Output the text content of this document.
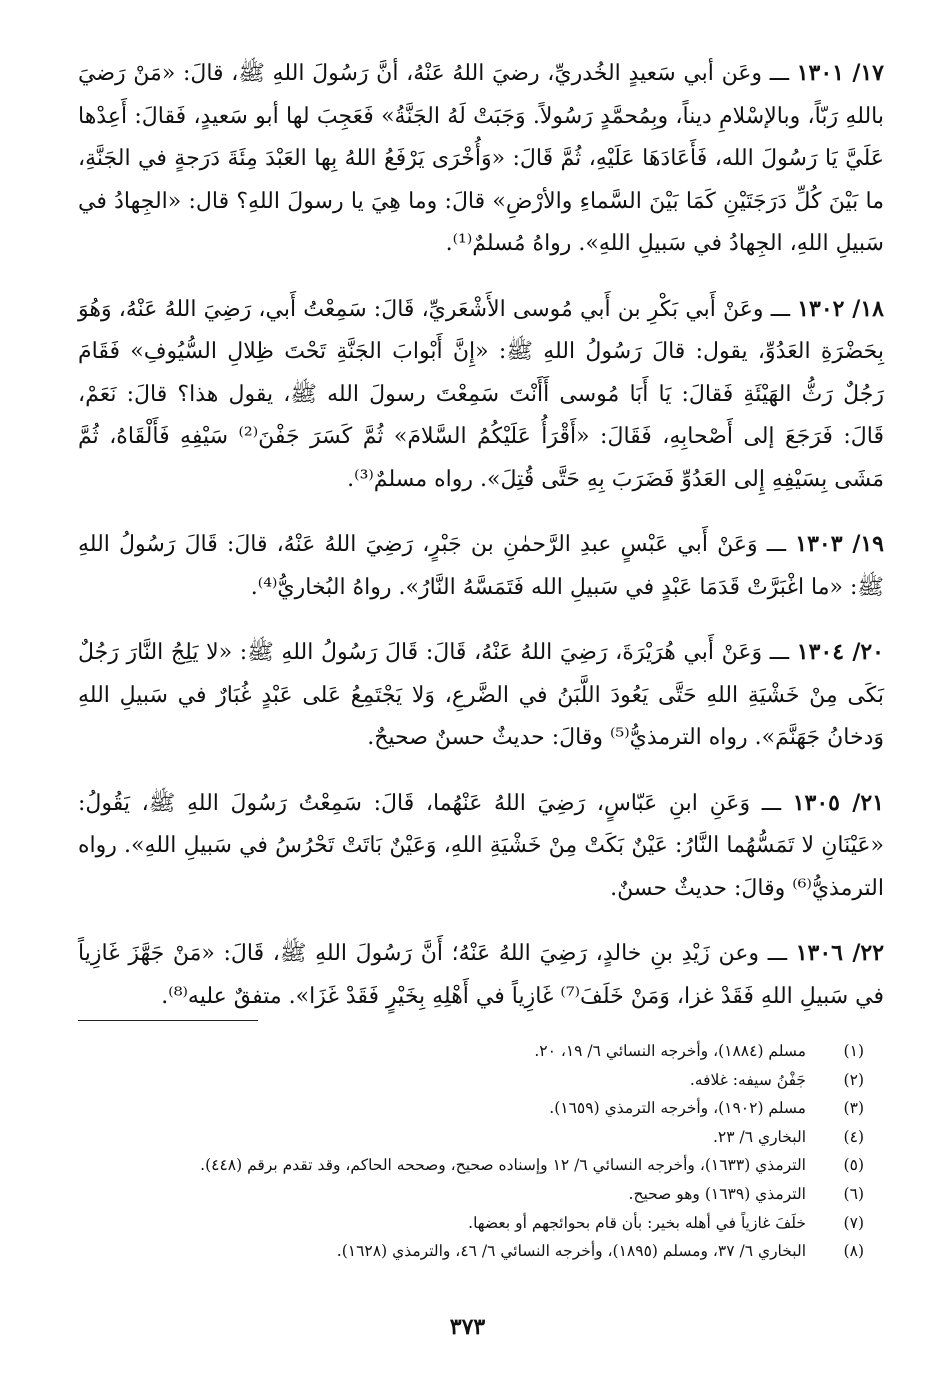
١٧/ ١٣٠١ ـــ وعَن أبي سَعيدٍ الخُدريِّ، رضيَ اللهُ عَنْهُ، أنَّ رَسُولَ اللهِ ﷺ، قالَ: «مَنْ رَضيَ باللهِ رَبّاً، وبالإسْلامِ ديناً، وبِمُحمَّدٍ رَسُولاً. وَجَبَتْ لَهُ الجَنَّةُ» فَعَجِبَ لها أبو سَعيدٍ، فَقالَ: أَعِدْها عَلَيَّ يَا رَسُولَ الله، فَأَعَادَهَا عَلَيْهِ، ثُمَّ قَالَ: «وَأُخْرَى يَرْفَعُ اللهُ بِها العَبْدَ مِئَةَ دَرَجةٍ في الجَنَّةِ، ما بَيْنَ كُلِّ دَرَجَتَيْنِ كَمَا بَيْنَ السَّماءِ والأرْضِ» قالَ: وما هِيَ يا رسولَ اللهِ؟ قال: «الجِهادُ في سَبيلِ اللهِ، الجِهادُ في سَبيلِ اللهِ». رواهُ مُسلمٌ⁽¹⁾.

١٨/ ١٣٠٢ ـــ وعَنْ أَبي بَكْرِ بن أَبي مُوسى الأَشْعَريِّ، قَالَ: سَمِعْتُ أَبي، رَضِيَ اللهُ عَنْهُ، وَهُوَ بِحَضْرَةِ العَدُوِّ، يقول: قالَ رَسُولُ اللهِ ﷺ: «إِنَّ أَبْوابَ الجَنَّةِ تَحْتَ ظِلالِ السُّيُوفِ» فَقَامَ رَجُلٌ رَثُّ الهَيْئَةِ فَقالَ: يَا أَبَا مُوسى أَأَنْتَ سَمِعْتَ رسولَ الله ﷺ، يقول هذا؟ قالَ: نَعَمْ، قَالَ: فَرَجَعَ إلى أَصْحابِهِ، فَقَالَ: «أَقْرَأُ عَلَيْكُمُ السَّلامَ» ثُمَّ كَسَرَ جَفْنَ⁽²⁾ سَيْفِهِ فَأَلْقَاهُ، ثُمَّ مَشَى بِسَيْفِهِ إِلى العَدُوِّ فَضَرَبَ بِهِ حَتَّى قُتِلَ». رواه مسلمٌ⁽³⁾.

١٩/ ١٣٠٣ ـــ وَعَنْ أَبي عَبْسٍ عبدِ الرَّحمٰنِ بن جَبْرٍ، رَضِيَ اللهُ عَنْهُ، قالَ: قَالَ رَسُولُ اللهِ ﷺ: «ما اغْبَرَّتْ قَدَمَا عَبْدٍ في سَبيلِ الله فَتَمَسَّهُ النَّارُ». رواهُ البُخاريُّ⁽⁴⁾.

٢٠/ ١٣٠٤ ـــ وَعَنْ أَبي هُرَيْرَةَ، رَضِيَ اللهُ عَنْهُ، قَالَ: قَالَ رَسُولُ اللهِ ﷺ: «لا يَلِجُ النَّارَ رَجُلٌ بَكَى مِنْ خَشْيَةِ اللهِ حَتَّى يَعُودَ اللَّبَنُ في الضَّرعِ، وَلا يَجْتَمِعُ عَلى عَبْدٍ غُبَارٌ في سَبيلِ اللهِ وَدخانُ جَهَنَّمَ». رواه الترمذيُّ⁽⁵⁾ وقالَ: حديثٌ حسنٌ صحيحٌ.

٢١/ ١٣٠٥ ـــ وَعَنِ ابنِ عَبّاسٍ، رَضِيَ اللهُ عَنْهُما، قَالَ: سَمِعْتُ رَسُولَ اللهِ ﷺ، يَقُولُ: «عَيْنَانِ لا تَمَسُّهُما النَّارُ: عَيْنٌ بَكَتْ مِنْ خَشْيَةِ اللهِ، وَعَيْنٌ بَاتَتْ تَحْرُسُ في سَبيلِ اللهِ». رواه الترمذيُّ⁽⁶⁾ وقالَ: حديثٌ حسنٌ.

٢٢/ ١٣٠٦ ـــ وعن زَيْدِ بنِ خالدٍ، رَضِيَ اللهُ عَنْهُ؛ أَنَّ رَسُولَ اللهِ ﷺ، قَالَ: «مَنْ جَهَّزَ غَازِياً في سَبيلِ اللهِ فَقَدْ غزا، وَمَنْ خَلَفَ⁽⁷⁾ غَازِياً في أَهْلِهِ بِخَيْرٍ فَقَدْ غَزَا». متفقٌ عليه⁽⁸⁾.

(١)
مسلم (١٨٨٤)، وأخرجه النسائي ٦/ ١٩، ٢٠.
(٢)
جَفْنُ سيفه: غلافه.
(٣)
مسلم (١٩٠٢)، وأخرجه الترمذي (١٦٥٩).
(٤)
البخاري ٦/ ٢٣.
(٥)
الترمذي (١٦٣٣)، وأخرجه النسائي ٦/ ١٢ وإسناده صحيح، وصححه الحاكم، وقد تقدم برقم (٤٤٨).
(٦)
الترمذي (١٦٣٩) وهو صحيح.
(٧)
خلَفَ غازياً في أهله بخير: بأن قام بحوائجهم أو بعضها.
(٨)
البخاري ٦/ ٣٧، ومسلم (١٨٩٥)، وأخرجه النسائي ٦/ ٤٦، والترمذي (١٦٢٨).
٣٧٣
